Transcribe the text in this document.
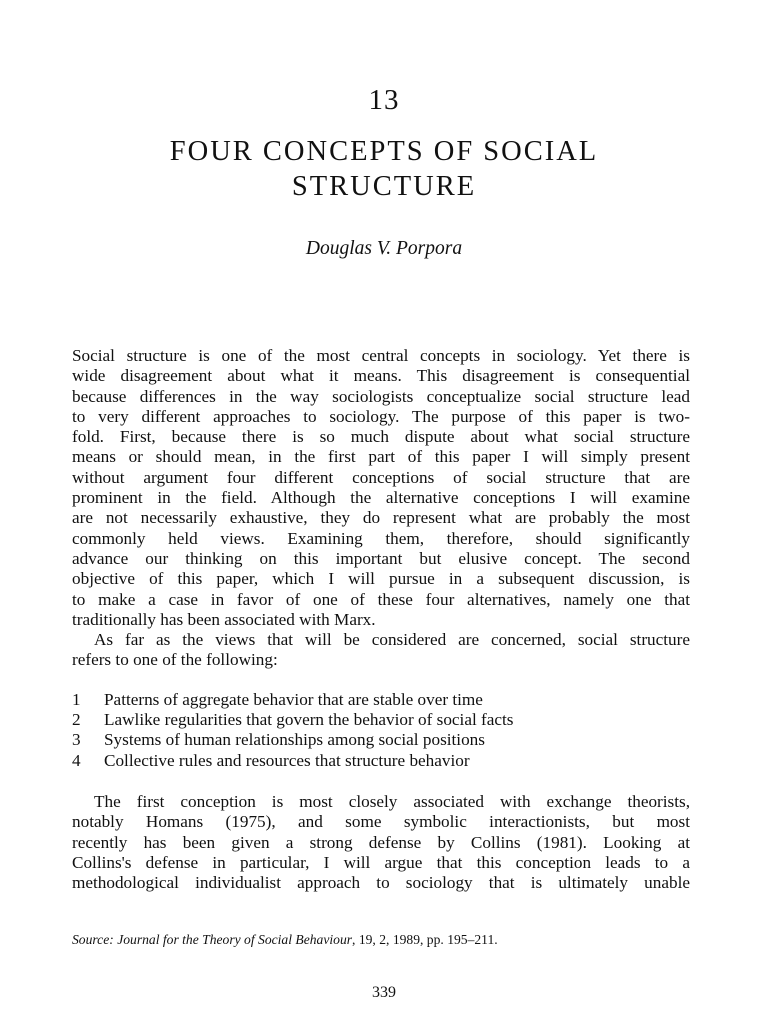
13
FOUR CONCEPTS OF SOCIAL
STRUCTURE
Douglas V. Porpora
Social structure is one of the most central concepts in sociology. Yet there is
wide disagreement about what it means. This disagreement is consequential
because differences in the way sociologists conceptualize social structure lead
to very different approaches to sociology. The purpose of this paper is two-
fold. First, because there is so much dispute about what social structure
means or should mean, in the first part of this paper I will simply present
without argument four different conceptions of social structure that are
prominent in the field. Although the alternative conceptions I will examine
are not necessarily exhaustive, they do represent what are probably the most
commonly held views. Examining them, therefore, should significantly
advance our thinking on this important but elusive concept. The second
objective of this paper, which I will pursue in a subsequent discussion, is
to make a case in favor of one of these four alternatives, namely one that
traditionally has been associated with Marx.
As far as the views that will be considered are concerned, social structure
refers to one of the following:
1	Patterns of aggregate behavior that are stable over time
2	Lawlike regularities that govern the behavior of social facts
3	Systems of human relationships among social positions
4	Collective rules and resources that structure behavior
The first conception is most closely associated with exchange theorists,
notably Homans (1975), and some symbolic interactionists, but most
recently has been given a strong defense by Collins (1981). Looking at
Collins's defense in particular, I will argue that this conception leads to a
methodological individualist approach to sociology that is ultimately unable
Source: Journal for the Theory of Social Behaviour, 19, 2, 1989, pp. 195–211.
339
